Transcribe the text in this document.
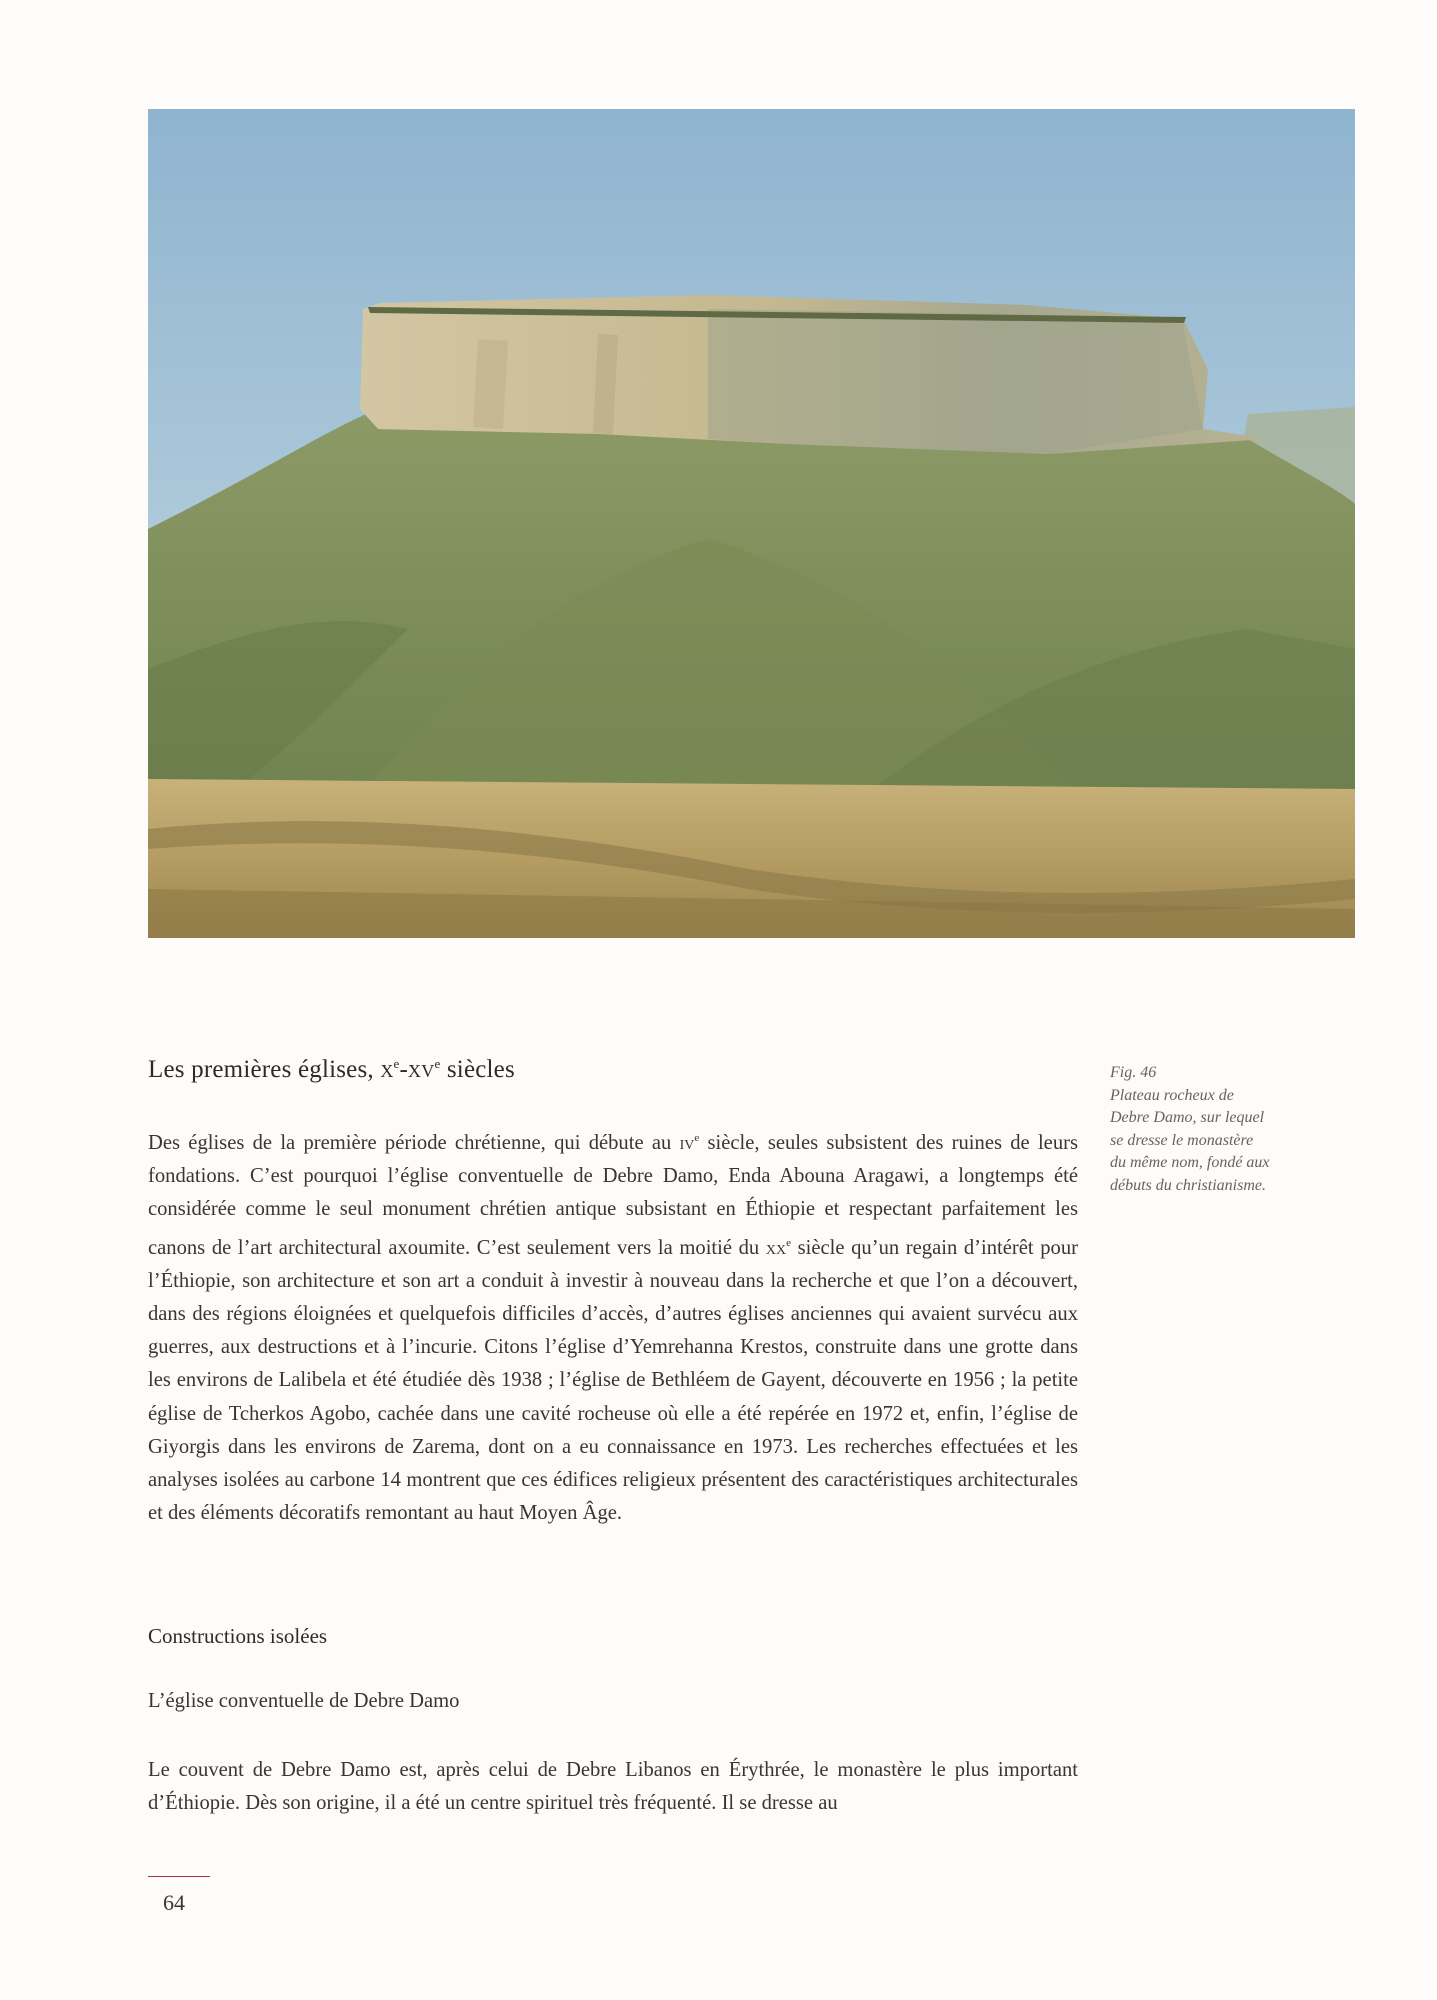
Les premières églises, $x^e-xv^e$ siècles

Des églises de la première période chrétienne, qui débute au $iv^e$ siècle, seules subsistent des ruines de leurs fondations. C’est pourquoi l’église conventuelle de Debre Damo, Enda Abouna Aragawi, a longtemps été considérée comme le seul monument chrétien antique subsistant en Éthiopie et respectant parfaitement les canons de l’art architectural axoumite. C’est seulement vers la moitié du $xx^e$ siècle qu’un regain d’intérêt pour l’Éthiopie, son architecture et son art a conduit à investir à nouveau dans la recherche et que l’on a découvert, dans des régions éloignées et quelquefois difficiles d’accès, d’autres églises anciennes qui avaient survécu aux guerres, aux destructions et à l’incurie. Citons l’église d’Yemrehanna Krestos, construite dans une grotte dans les environs de Lalibela et été étudiée dès 1938 ; l’église de Bethléem de Gayent, découverte en 1956 ; la petite église de Tcherkos Agobo, cachée dans une cavité rocheuse où elle a été repérée en 1972 et, enfin, l’église de Giyorgis dans les environs de Zarema, dont on a eu connaissance en 1973. Les recherches effectuées et les analyses isolées au carbone 14 montrent que ces édifices religieux présentent des caractéristiques architecturales et des éléments décoratifs remontant au haut Moyen Âge.

Constructions isolées
L’église conventuelle de Debre Damo

Le couvent de Debre Damo est, après celui de Debre Libanos en Érythrée, le monastère le plus important d’Éthiopie. Dès son origine, il a été un centre spirituel très fréquenté. Il se dresse au

Fig. 46
Plateau rocheux de
Debre Damo, sur lequel
se dresse le monastère
du même nom, fondé aux
débuts du christianisme.
64
